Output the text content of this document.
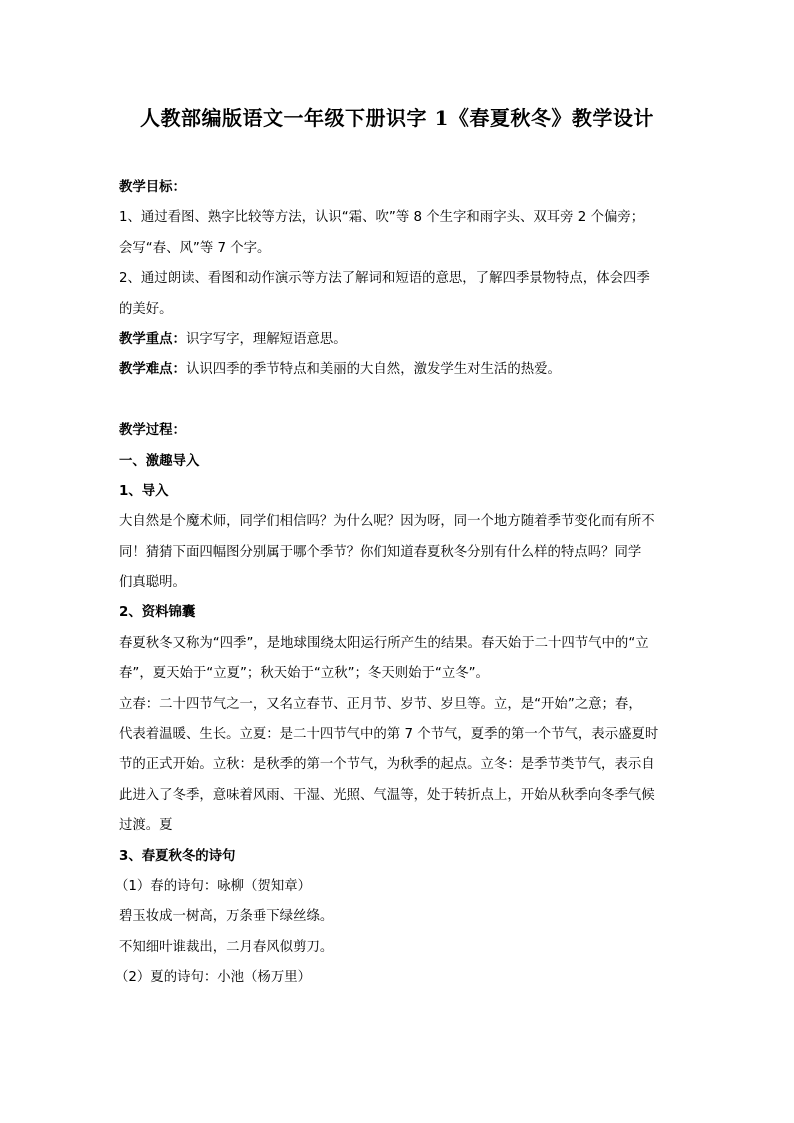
人教部编版语文一年级下册识字 1《春夏秋冬》教学设计
教学目标：
1、通过看图、熟字比较等方法，认识“霜、吹”等 8 个生字和雨字头、双耳旁 2 个偏旁；
会写“春、风”等 7 个字。
2、通过朗读、看图和动作演示等方法了解词和短语的意思，了解四季景物特点，体会四季
的美好。
教学重点：识字写字，理解短语意思。
教学难点：认识四季的季节特点和美丽的大自然，激发学生对生活的热爱。
教学过程：
一、激趣导入
1、导入
大自然是个魔术师，同学们相信吗？为什么呢？因为呀，同一个地方随着季节变化而有所不
同！猜猜下面四幅图分别属于哪个季节？你们知道春夏秋冬分别有什么样的特点吗？同学
们真聪明。
2、资料锦囊
春夏秋冬又称为“四季”，是地球围绕太阳运行所产生的结果。春天始于二十四节气中的“立
春”，夏天始于“立夏”；秋天始于“立秋”；冬天则始于“立冬”。
立春：二十四节气之一，又名立春节、正月节、岁节、岁旦等。立，是“开始”之意；春，
代表着温暖、生长。立夏：是二十四节气中的第 7 个节气，夏季的第一个节气，表示盛夏时
节的正式开始。立秋：是秋季的第一个节气，为秋季的起点。立冬：是季节类节气，表示自
此进入了冬季，意味着风雨、干湿、光照、气温等，处于转折点上，开始从秋季向冬季气候
过渡。夏
3、春夏秋冬的诗句
（1）春的诗句：咏柳（贺知章）
碧玉妆成一树高，万条垂下绿丝绦。
不知细叶谁裁出，二月春风似剪刀。
（2）夏的诗句：小池（杨万里）
